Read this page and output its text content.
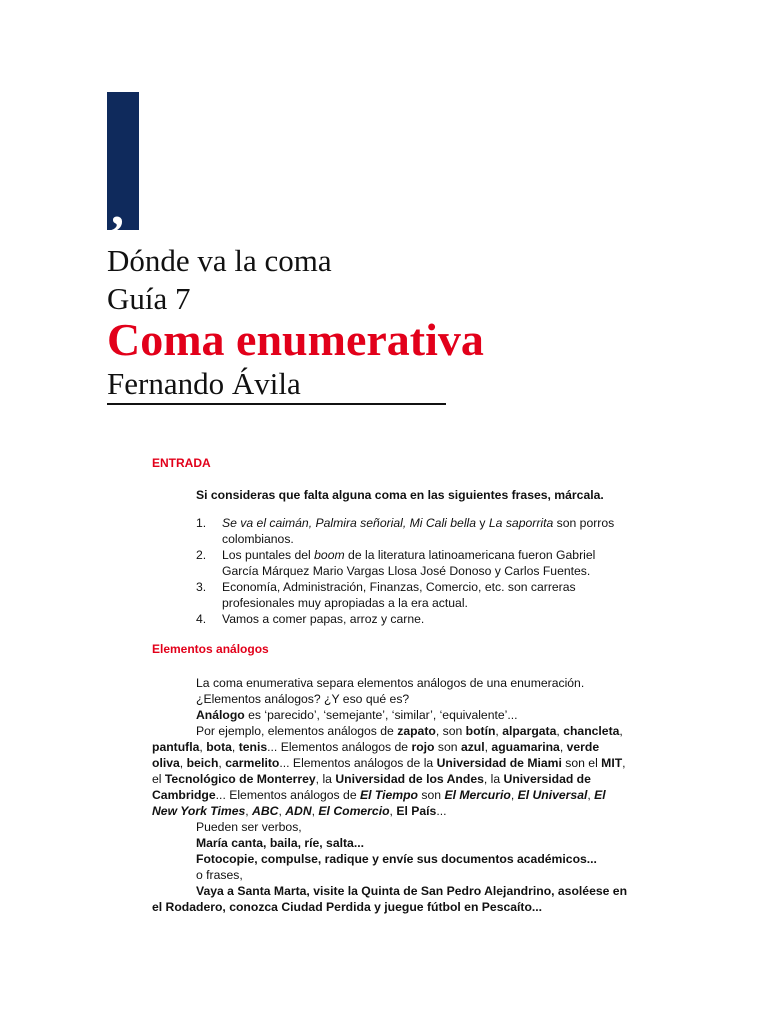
,
Dónde va la coma
Guía 7
Coma enumerativa
Fernando Ávila

ENTRADA

Si consideras que falta alguna coma en las siguientes frases, márcala.

1.	Se va el caimán, Palmira señorial, Mi Cali bella y La saporrita son porros colombianos.
2.	Los puntales del boom de la literatura latinoamericana fueron Gabriel García Márquez Mario Vargas Llosa José Donoso y Carlos Fuentes.
3.	Economía, Administración, Finanzas, Comercio, etc. son carreras profesionales muy apropiadas a la era actual.
4.	Vamos a comer papas, arroz y carne.

Elementos análogos

La coma enumerativa separa elementos análogos de una enumeración.

¿Elementos análogos? ¿Y eso qué es?

Análogo es ‘parecido’, ‘semejante’, ‘similar’, ‘equivalente’...

Por ejemplo, elementos análogos de zapato, son botín, alpargata, chancleta, pantufla, bota, tenis... Elementos análogos de rojo son azul, aguamarina, verde oliva, beich, carmelito... Elementos análogos de la Universidad de Miami son el MIT, el Tecnológico de Monterrey, la Universidad de los Andes, la Universidad de Cambridge... Elementos análogos de El Tiempo son El Mercurio, El Universal, El New York Times, ABC, ADN, El Comercio, El País...

Pueden ser verbos,

María canta, baila, ríe, salta...

Fotocopie, compulse, radique y envíe sus documentos académicos...

o frases,

Vaya a Santa Marta, visite la Quinta de San Pedro Alejandrino, asoléese en el Rodadero, conozca Ciudad Perdida y juegue fútbol en Pescaíto...
